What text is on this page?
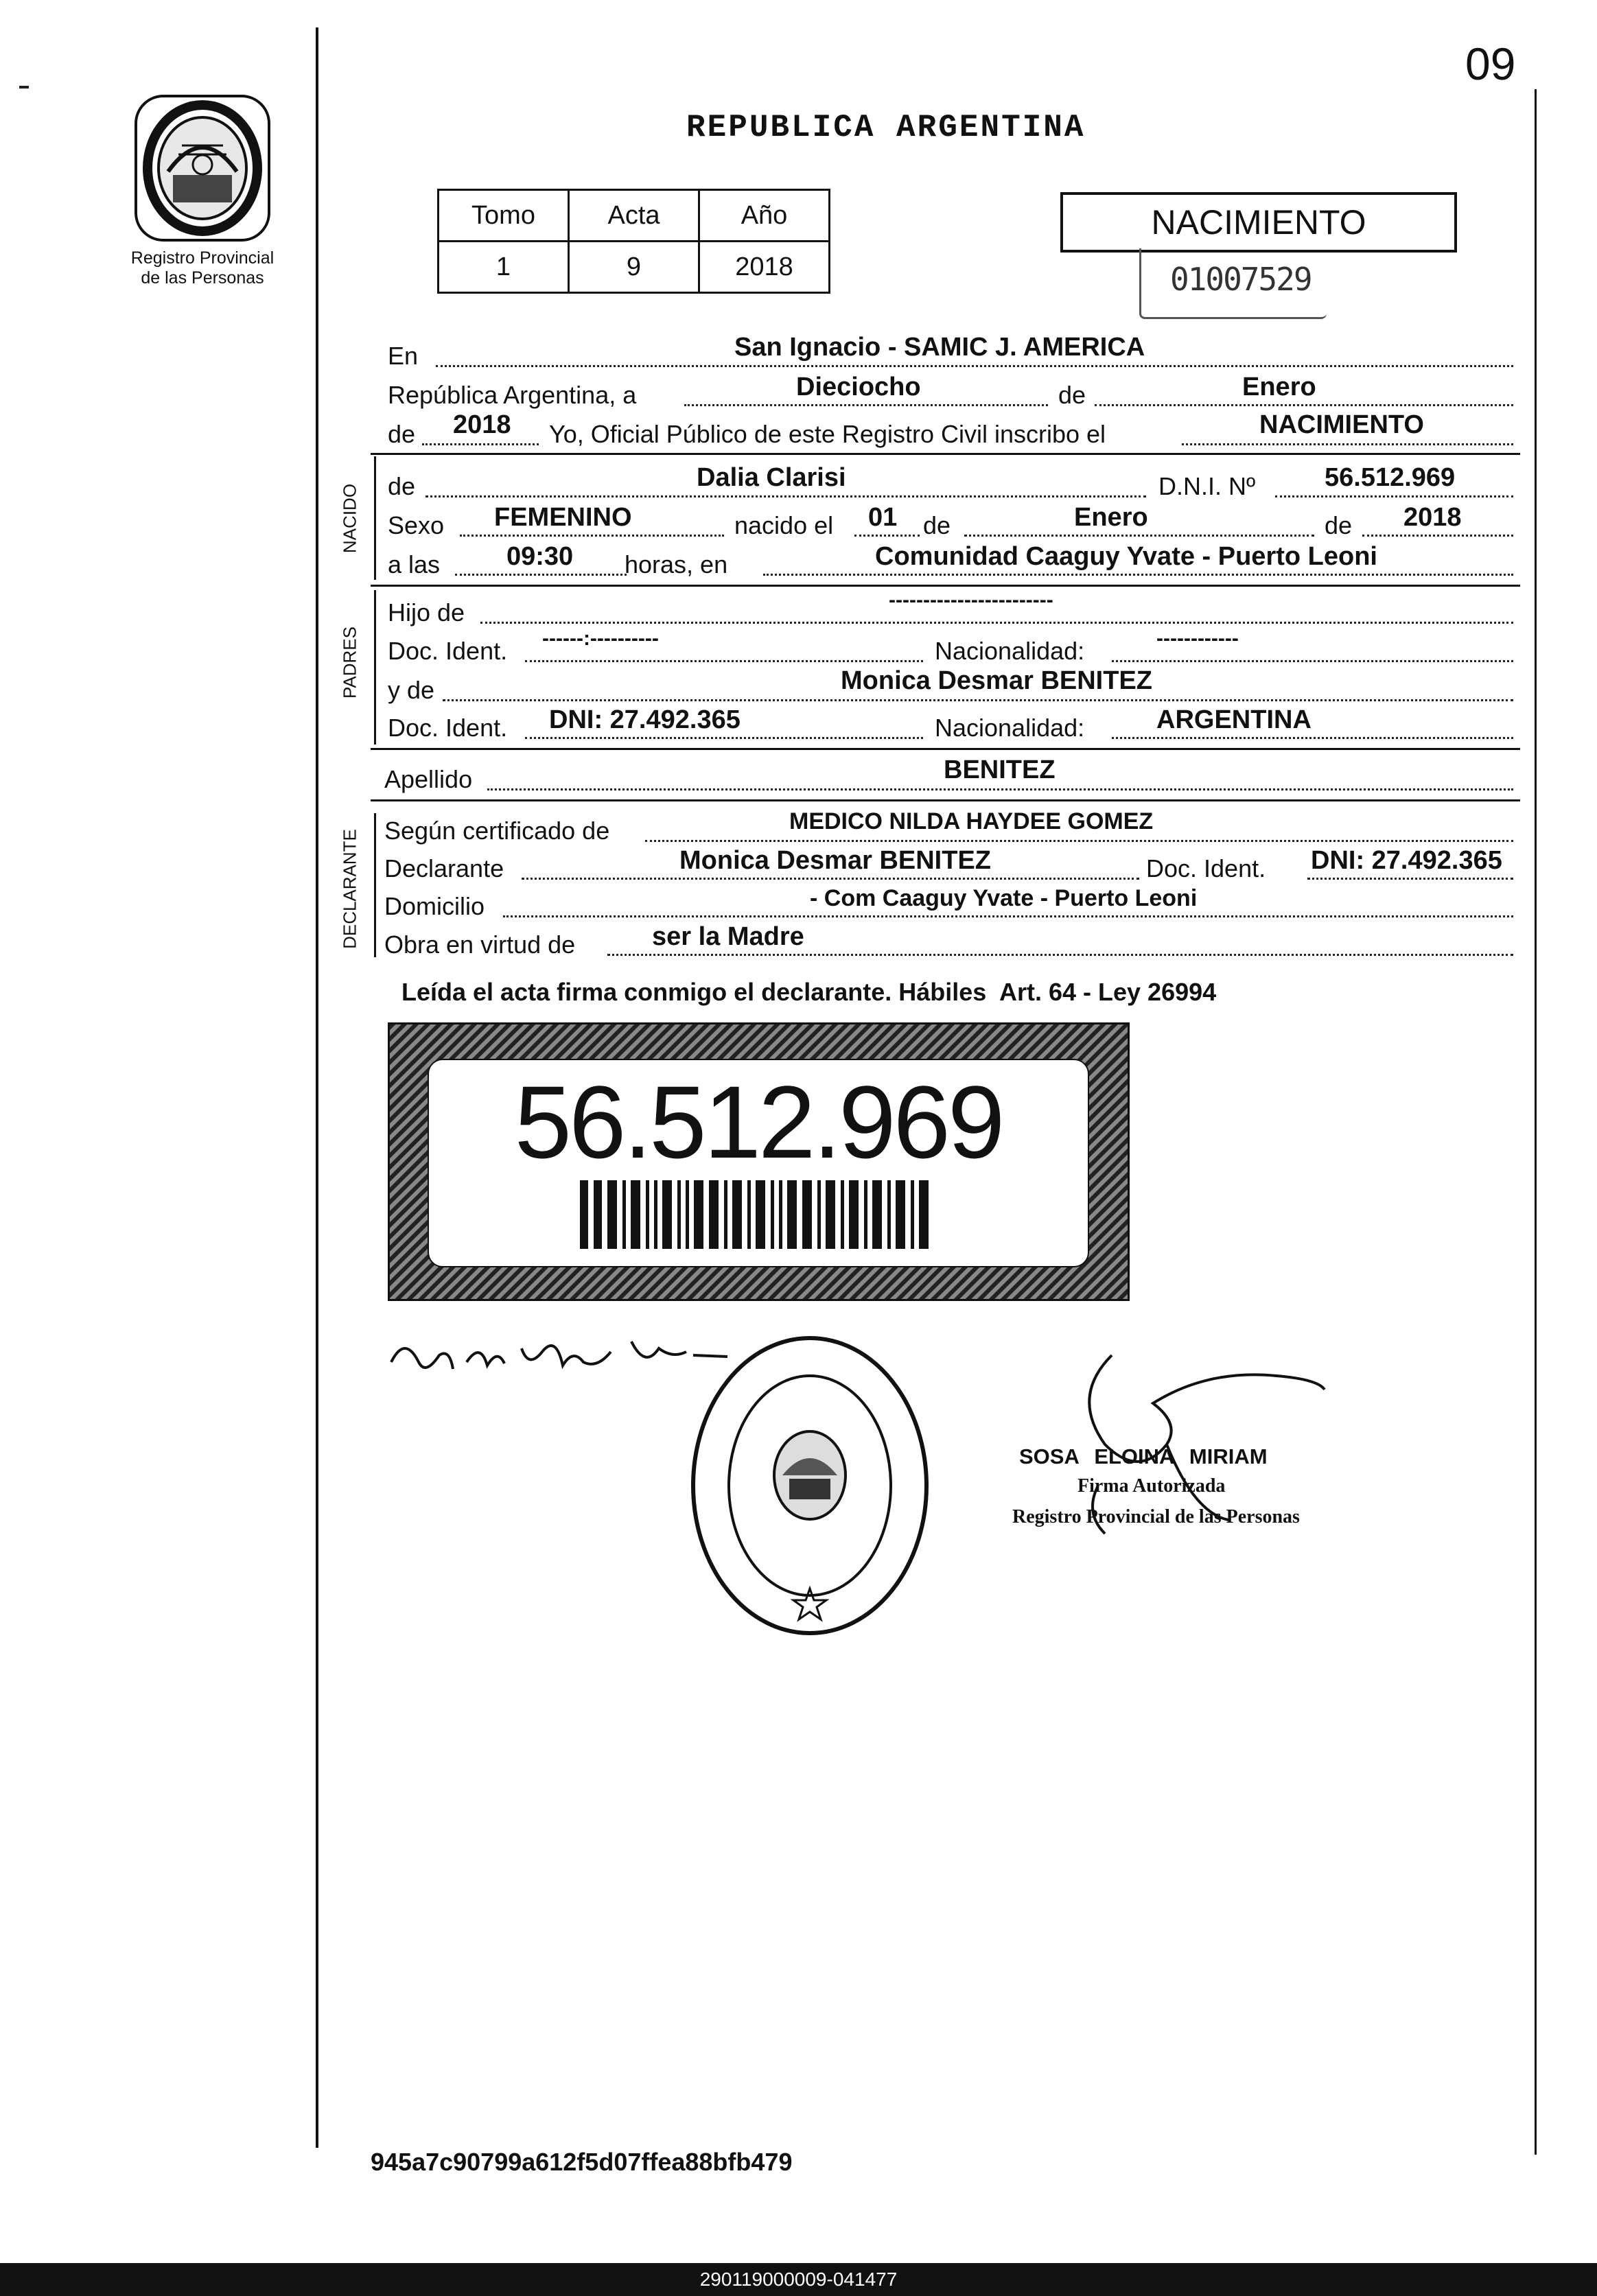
09
Registro Provincial
de las Personas
REPUBLICA ARGENTINA
Tomo	Acta	Año
1	9	2018
NACIMIENTO
01007529
En	San Ignacio - SAMIC J. AMERICA
República Argentina, a	Dieciocho	de	Enero
de 2018 Yo, Oficial Público de este Registro Civil inscribo el	NACIMIENTO
NACIDO de	Dalia Clarisi	D.N.I. Nº	56.512.969
Sexo FEMENINO	nacido el 01 de	Enero	de 2018
a las	09:30 horas, en	Comunidad Caaguy Yvate - Puerto Leoni
PADRES
Hijo de	------------------------
Doc. Ident. ------:----------	Nacionalidad:	------------
y de	Monica Desmar BENITEZ
Doc. Ident. DNI: 27.492.365	Nacionalidad:	ARGENTINA
Apellido	BENITEZ
DECLARANTE Según certificado de	MEDICO NILDA HAYDEE GOMEZ
Declarante	Monica Desmar BENITEZ	Doc. Ident. DNI: 27.492.365
Domicilio	- Com Caaguy Yvate - Puerto Leoni
Obra en virtud de	ser la Madre
Leída el acta firma conmigo el declarante. Hábiles  Art. 64 - Ley 26994
56.512.969
SOSA ELOINA MIRIAM
Firma Autorizada
Registro Provincial de las Personas
945a7c90799a612f5d07ffea88bfb479
290119000009-041477
